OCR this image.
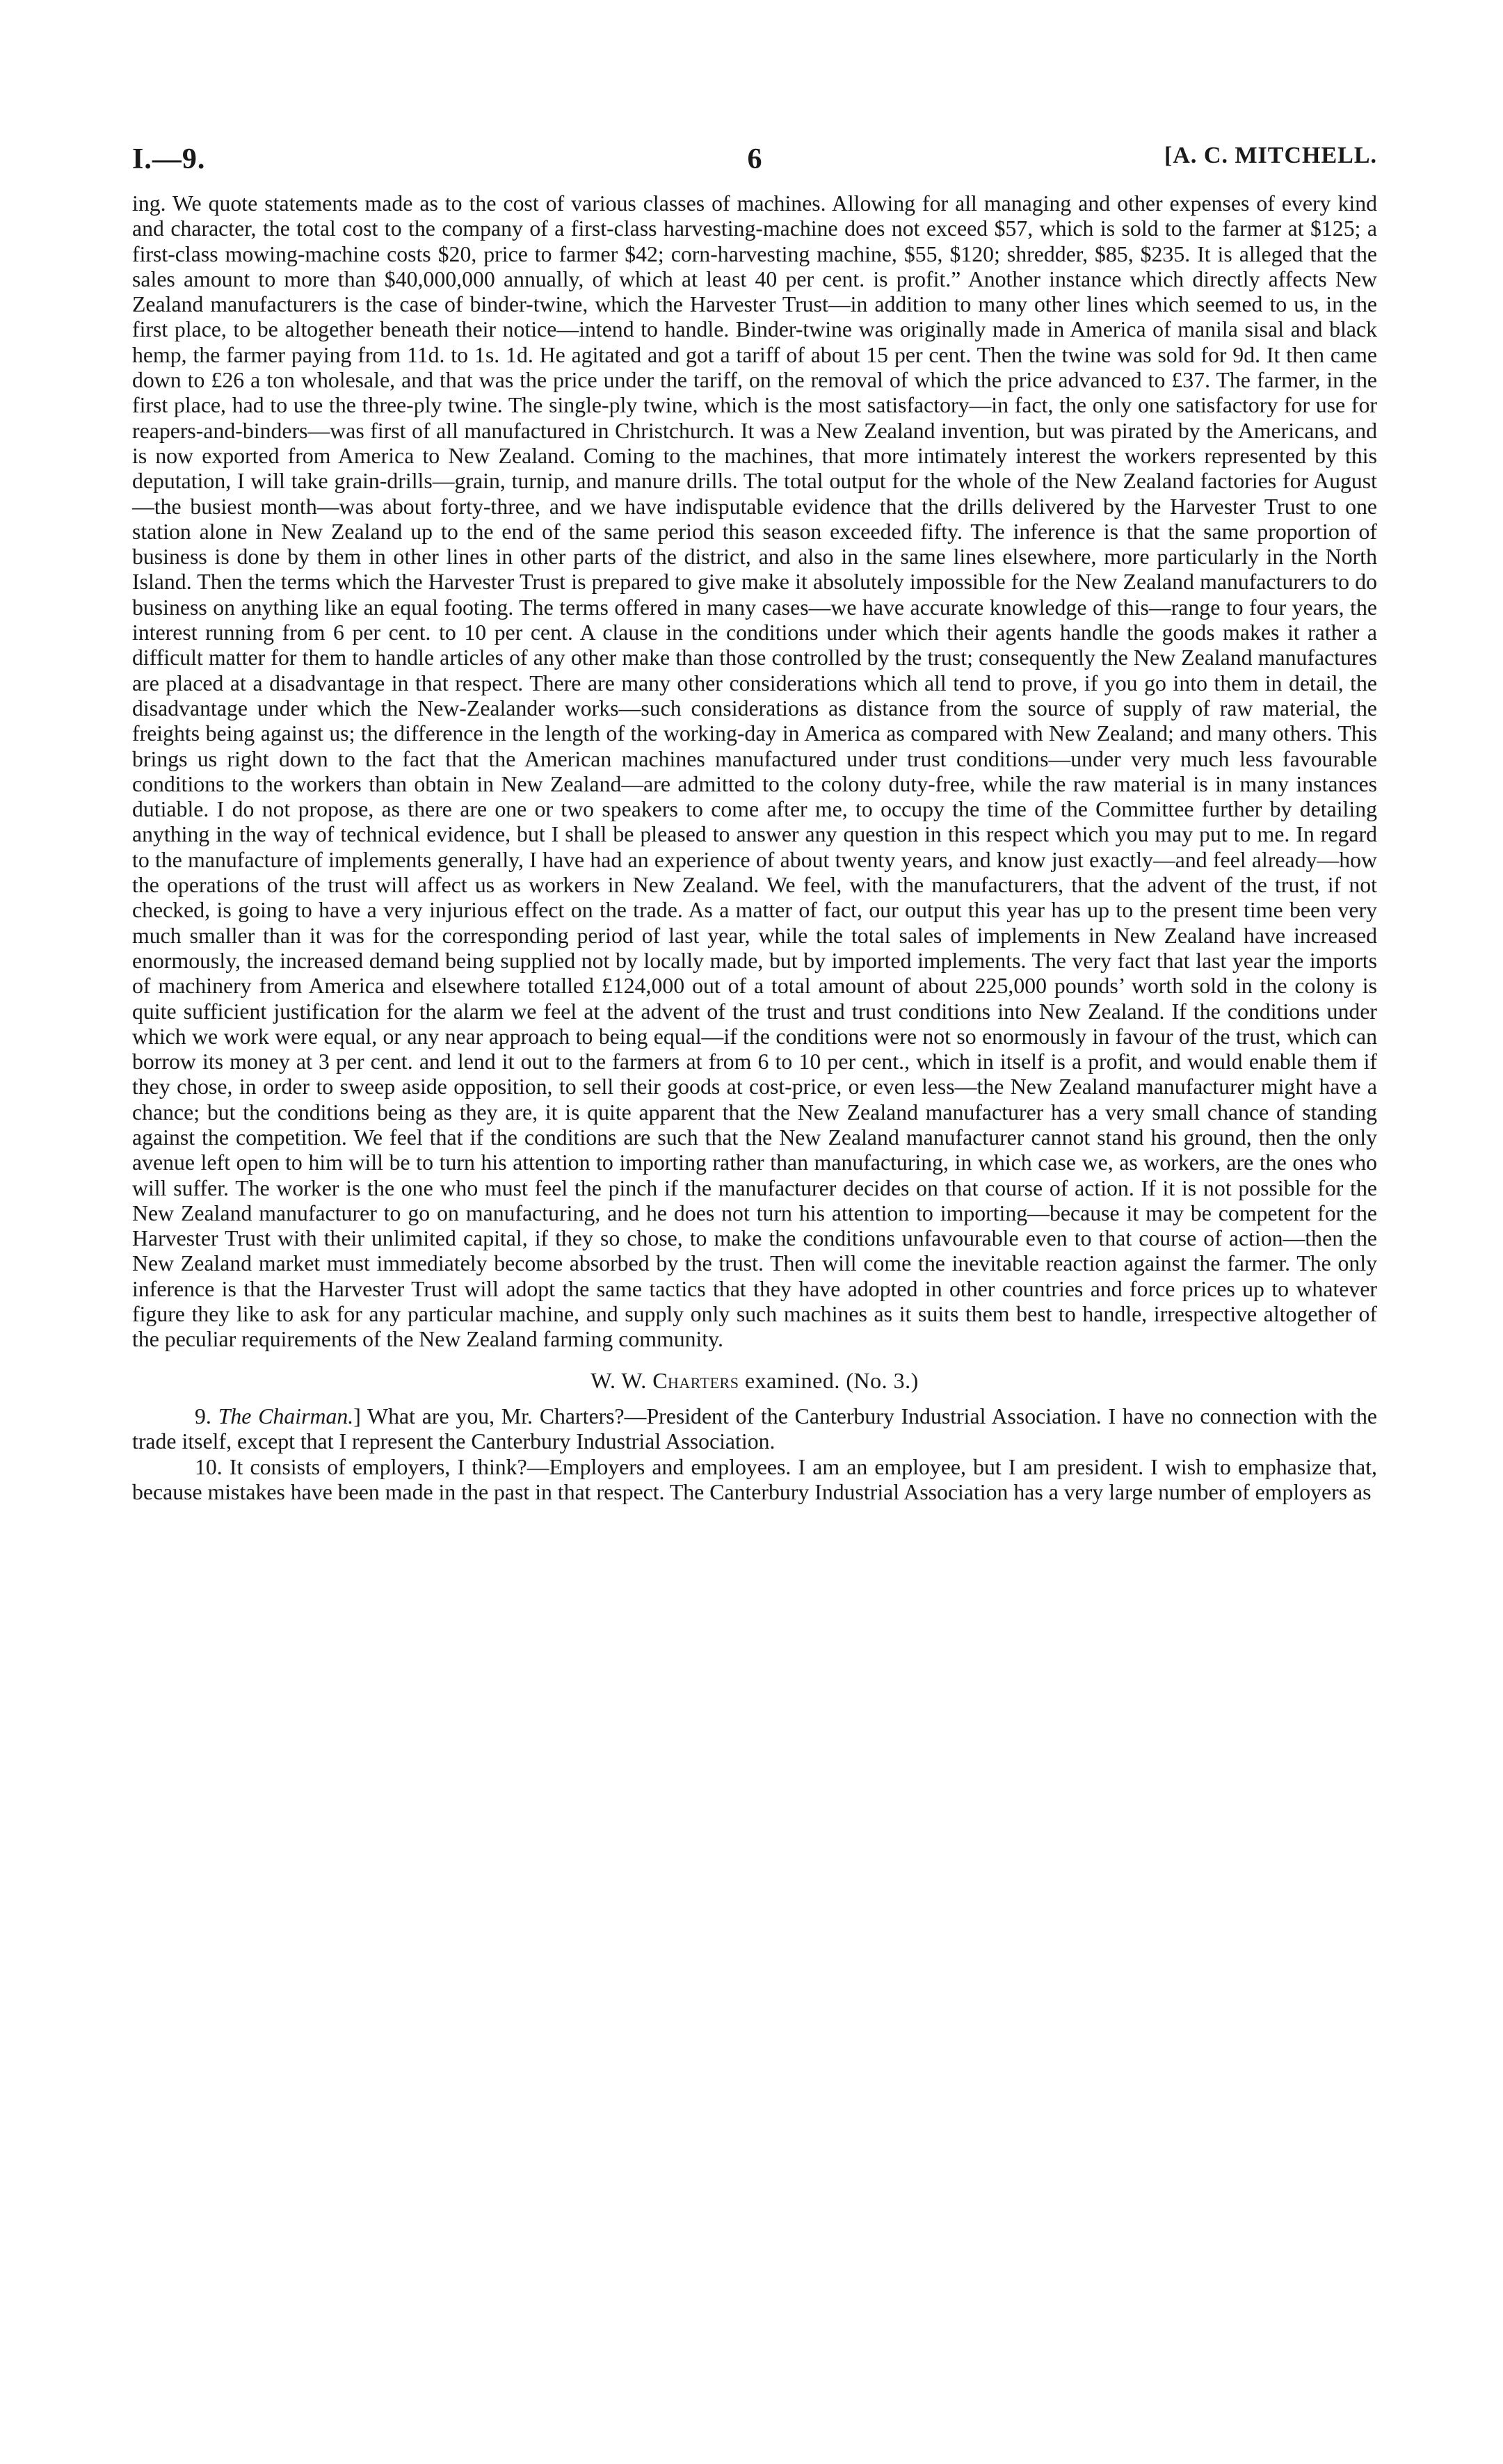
I.—9.	6	[A. C. MITCHELL.

ing. We quote statements made as to the cost of various classes of machines. Allowing for all managing and other expenses of every kind and character, the total cost to the company of a first-class harvesting-machine does not exceed $57, which is sold to the farmer at $125; a first-class mowing-machine costs $20, price to farmer $42; corn-harvesting machine, $55, $120; shredder, $85, $235. It is alleged that the sales amount to more than $40,000,000 annually, of which at least 40 per cent. is profit.” Another instance which directly affects New Zealand manufacturers is the case of binder-twine, which the Harvester Trust—in addition to many other lines which seemed to us, in the first place, to be altogether beneath their notice—intend to handle. Binder-twine was originally made in America of manila sisal and black hemp, the farmer paying from 11d. to 1s. 1d. He agitated and got a tariff of about 15 per cent. Then the twine was sold for 9d. It then came down to £26 a ton wholesale, and that was the price under the tariff, on the removal of which the price advanced to £37. The farmer, in the first place, had to use the three-ply twine. The single-ply twine, which is the most satisfactory—in fact, the only one satisfactory for use for reapers-and-binders—was first of all manufactured in Christchurch. It was a New Zealand invention, but was pirated by the Americans, and is now exported from America to New Zealand. Coming to the machines, that more intimately interest the workers represented by this deputation, I will take grain-drills—grain, turnip, and manure drills. The total output for the whole of the New Zealand factories for August—the busiest month—was about forty-three, and we have indisputable evidence that the drills delivered by the Harvester Trust to one station alone in New Zealand up to the end of the same period this season exceeded fifty. The inference is that the same proportion of business is done by them in other lines in other parts of the district, and also in the same lines elsewhere, more particularly in the North Island. Then the terms which the Harvester Trust is prepared to give make it absolutely impossible for the New Zealand manufacturers to do business on anything like an equal footing. The terms offered in many cases—we have accurate knowledge of this—range to four years, the interest running from 6 per cent. to 10 per cent. A clause in the conditions under which their agents handle the goods makes it rather a difficult matter for them to handle articles of any other make than those controlled by the trust; consequently the New Zealand manufactures are placed at a disadvantage in that respect. There are many other considerations which all tend to prove, if you go into them in detail, the disadvantage under which the New-Zealander works—such considerations as distance from the source of supply of raw material, the freights being against us; the difference in the length of the working-day in America as compared with New Zealand; and many others. This brings us right down to the fact that the American machines manufactured under trust conditions—under very much less favourable conditions to the workers than obtain in New Zealand—are admitted to the colony duty-free, while the raw material is in many instances dutiable. I do not propose, as there are one or two speakers to come after me, to occupy the time of the Committee further by detailing anything in the way of technical evidence, but I shall be pleased to answer any question in this respect which you may put to me. In regard to the manufacture of implements generally, I have had an experience of about twenty years, and know just exactly—and feel already—how the operations of the trust will affect us as workers in New Zealand. We feel, with the manufacturers, that the advent of the trust, if not checked, is going to have a very injurious effect on the trade. As a matter of fact, our output this year has up to the present time been very much smaller than it was for the corresponding period of last year, while the total sales of implements in New Zealand have increased enormously, the increased demand being supplied not by locally made, but by imported implements. The very fact that last year the imports of machinery from America and elsewhere totalled £124,000 out of a total amount of about 225,000 pounds’ worth sold in the colony is quite sufficient justification for the alarm we feel at the advent of the trust and trust conditions into New Zealand. If the conditions under which we work were equal, or any near approach to being equal—if the conditions were not so enormously in favour of the trust, which can borrow its money at 3 per cent. and lend it out to the farmers at from 6 to 10 per cent., which in itself is a profit, and would enable them if they chose, in order to sweep aside opposition, to sell their goods at cost-price, or even less—the New Zealand manufacturer might have a chance; but the conditions being as they are, it is quite apparent that the New Zealand manufacturer has a very small chance of standing against the competition. We feel that if the conditions are such that the New Zealand manufacturer cannot stand his ground, then the only avenue left open to him will be to turn his attention to importing rather than manufacturing, in which case we, as workers, are the ones who will suffer. The worker is the one who must feel the pinch if the manufacturer decides on that course of action. If it is not possible for the New Zealand manufacturer to go on manufacturing, and he does not turn his attention to importing—because it may be competent for the Harvester Trust with their unlimited capital, if they so chose, to make the conditions unfavourable even to that course of action—then the New Zealand market must immediately become absorbed by the trust. Then will come the inevitable reaction against the farmer. The only inference is that the Harvester Trust will adopt the same tactics that they have adopted in other countries and force prices up to whatever figure they like to ask for any particular machine, and supply only such machines as it suits them best to handle, irrespective altogether of the peculiar requirements of the New Zealand farming community.

W. W. Charters examined. (No. 3.)

9. The Chairman.] What are you, Mr. Charters?—President of the Canterbury Industrial Association. I have no connection with the trade itself, except that I represent the Canterbury Industrial Association.

10. It consists of employers, I think?—Employers and employees. I am an employee, but I am president. I wish to emphasize that, because mistakes have been made in the past in that respect. The Canterbury Industrial Association has a very large number of employers as
